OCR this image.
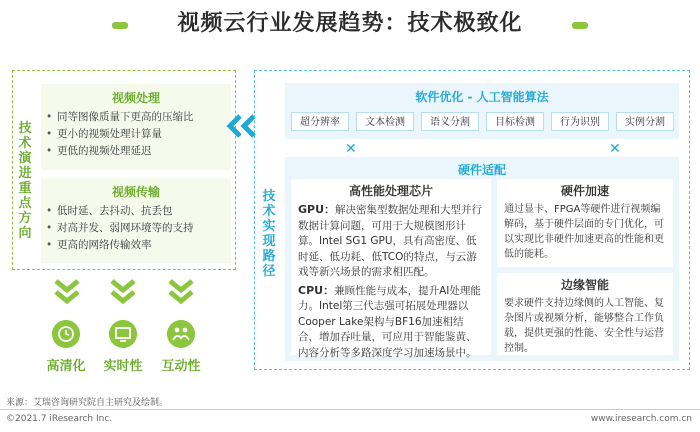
视频云行业发展趋势：技术极致化
技
术
演
进
重
点
方
向
视频处理
• 同等图像质量下更高的压缩比
• 更小的视频处理计算量
• 更低的视频处理延迟
视频传输
• 低时延、去抖动、抗丢包
• 对高并发、弱网环境等的支持
• 更高的网络传输效率
技
术
实
现
路
径
软件优化 - 人工智能算法
超分辨率	文本检测	语义分割	目标检测	行为识别	实例分割
✕	✕
硬件适配
高性能处理芯片

GPU：解决密集型数据处理和大型并行数据计算问题，可用于大规模图形计算。Intel SG1 GPU，具有高密度、低时延、低功耗、低TCO的特点，与云游戏等新兴场景的需求相匹配。

CPU：兼顾性能与成本，提升AI处理能力。Intel第三代志强可拓展处理器以Cooper Lake架构与BF16加速相结合，增加吞吐量，可应用于智能鉴黄、内容分析等多路深度学习加速场景中。

硬件加速

通过显卡、FPGA等硬件进行视频编解码，基于硬件层面的专门优化，可以实现比非硬件加速更高的性能和更低的能耗。

边缘智能

要求硬件支持边缘侧的人工智能、复杂图片或视频分析，能够整合工作负载，提供更强的性能、安全性与运营控制。

高清化	实时性	互动性
来源：艾瑞咨询研究院自主研究及绘制。
©2021.7 iResearch Inc.	www.iresearch.com.cn
